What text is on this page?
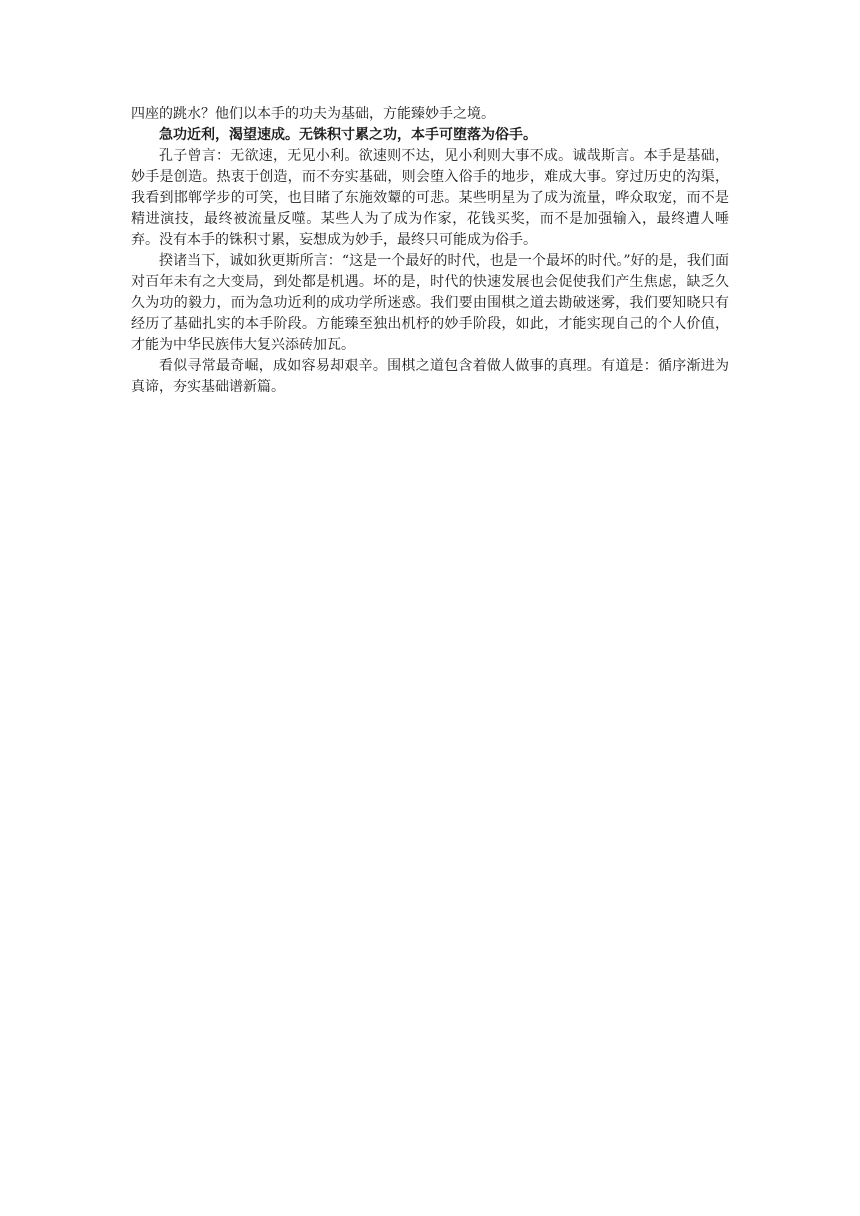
四座的跳水？他们以本手的功夫为基础，方能臻妙手之境。

急功近利，渴望速成。无铢积寸累之功，本手可堕落为俗手。

孔子曾言：无欲速，无见小利。欲速则不达，见小利则大事不成。诚哉斯言。本手是基础，妙手是创造。热衷于创造，而不夯实基础，则会堕入俗手的地步，难成大事。穿过历史的沟渠，我看到邯郸学步的可笑，也目睹了东施效颦的可悲。某些明星为了成为流量，哗众取宠，而不是精进演技，最终被流量反噬。某些人为了成为作家，花钱买奖，而不是加强输入，最终遭人唾弃。没有本手的铢积寸累，妄想成为妙手，最终只可能成为俗手。

揆诸当下，诚如狄更斯所言：“这是一个最好的时代，也是一个最坏的时代。”好的是，我们面对百年未有之大变局，到处都是机遇。坏的是，时代的快速发展也会促使我们产生焦虑，缺乏久久为功的毅力，而为急功近利的成功学所迷惑。我们要由围棋之道去勘破迷雾，我们要知晓只有经历了基础扎实的本手阶段。方能臻至独出机杼的妙手阶段，如此，才能实现自己的个人价值，才能为中华民族伟大复兴添砖加瓦。

看似寻常最奇崛，成如容易却艰辛。围棋之道包含着做人做事的真理。有道是：循序渐进为真谛，夯实基础谱新篇。
